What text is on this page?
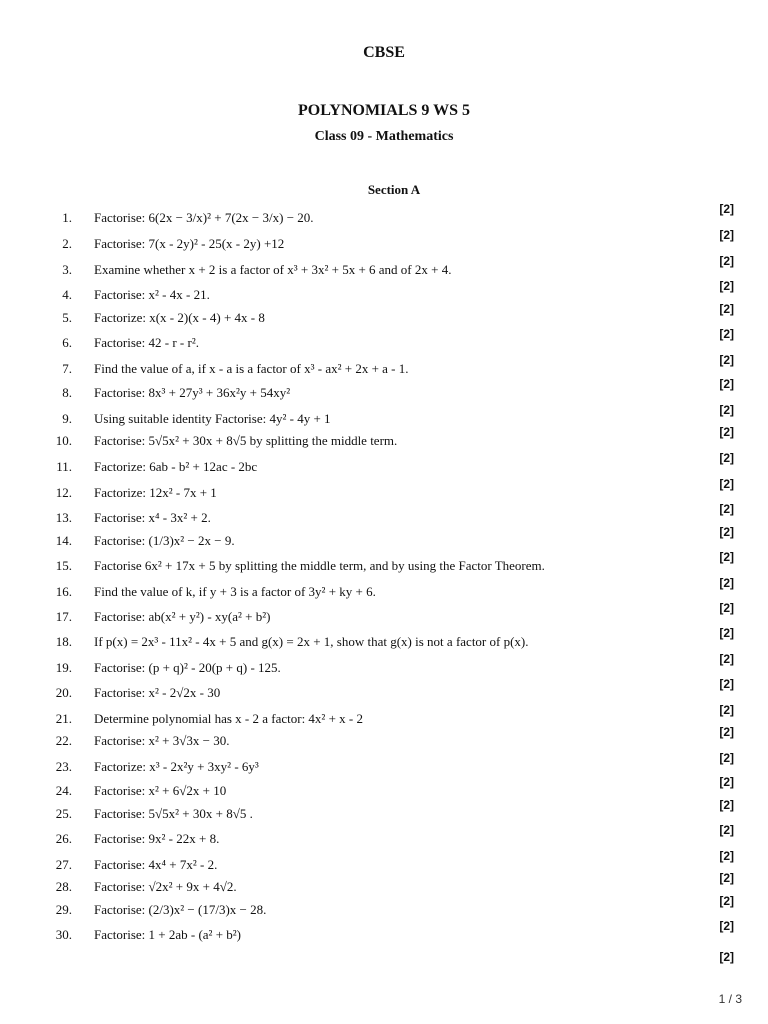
CBSE
POLYNOMIALS 9 WS 5
Class 09 - Mathematics
Section A
1. Factorise: 6(2x − 3/x)² + 7(2x − 3/x) − 20.
[2]
2. Factorise: 7(x - 2y)² - 25(x - 2y) +12
[2]
3. Examine whether x + 2 is a factor of x³ + 3x² + 5x + 6 and of 2x + 4.
[2]
4. Factorise: x² - 4x - 21.
[2]
5. Factorize: x(x - 2)(x - 4) + 4x - 8
[2]
6. Factorise: 42 - r - r².
[2]
7. Find the value of a, if x - a is a factor of x³ - ax² + 2x + a - 1.
[2]
8. Factorise: 8x³ + 27y³ + 36x²y + 54xy²
[2]
9. Using suitable identity Factorise: 4y² - 4y + 1
[2]
10. Factorise: 5√5x² + 30x + 8√5 by splitting the middle term.
[2]
11. Factorize: 6ab - b² + 12ac - 2bc
[2]
12. Factorize: 12x² - 7x + 1
[2]
13. Factorise: x⁴ - 3x² + 2.
[2]
14. Factorise: (1/3)x² − 2x − 9.
[2]
15. Factorise 6x² + 17x + 5 by splitting the middle term, and by using the Factor Theorem.
[2]
16. Find the value of k, if y + 3 is a factor of 3y² + ky + 6.
[2]
17. Factorise: ab(x² + y²) - xy(a² + b²)
[2]
18. If p(x) = 2x³ - 11x² - 4x + 5 and g(x) = 2x + 1, show that g(x) is not a factor of p(x).
[2]
19. Factorise: (p + q)² - 20(p + q) - 125.
[2]
20. Factorise: x² - 2√2x - 30
[2]
21. Determine polynomial has x - 2 a factor: 4x² + x - 2
[2]
22. Factorise: x² + 3√3x − 30.
[2]
23. Factorize: x³ - 2x²y + 3xy² - 6y³
[2]
24. Factorise: x² + 6√2x + 10
[2]
25. Factorise: 5√5x² + 30x + 8√5 .
[2]
26. Factorise: 9x² - 22x + 8.
[2]
27. Factorise: 4x⁴ + 7x² - 2.
[2]
28. Factorise: √2x² + 9x + 4√2.
[2]
29. Factorise: (2/3)x² − (17/3)x − 28.
[2]
30. Factorise: 1 + 2ab - (a² + b²)
[2]
[2]
1 / 3
